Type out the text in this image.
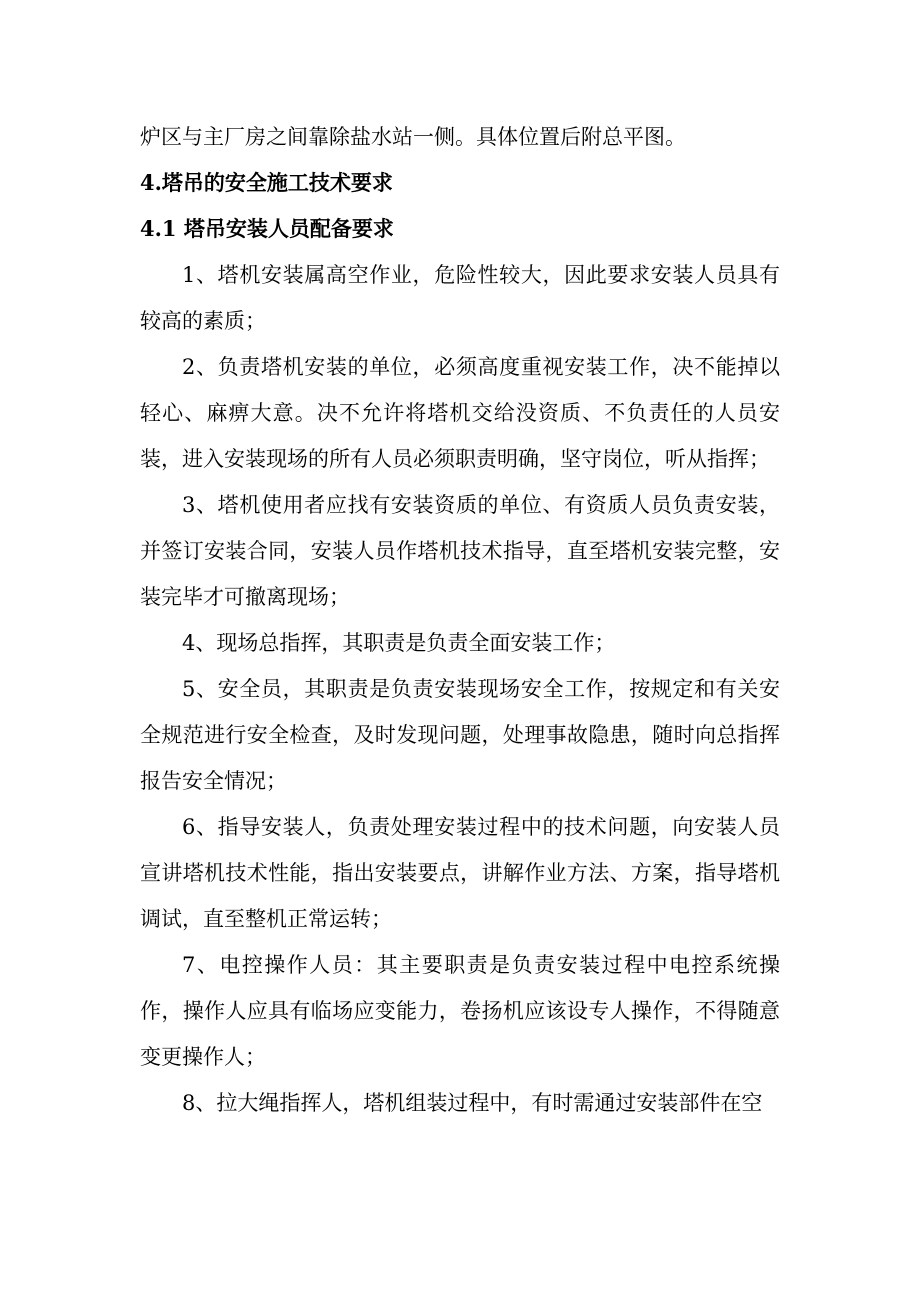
炉区与主厂房之间靠除盐水站一侧。具体位置后附总平图。

4.塔吊的安全施工技术要求

4.1 塔吊安装人员配备要求

1、塔机安装属高空作业，危险性较大，因此要求安装人员具有较高的素质；

2、负责塔机安装的单位，必须高度重视安装工作，决不能掉以轻心、麻痹大意。决不允许将塔机交给没资质、不负责任的人员安装，进入安装现场的所有人员必须职责明确，坚守岗位，听从指挥；

3、塔机使用者应找有安装资质的单位、有资质人员负责安装，并签订安装合同，安装人员作塔机技术指导，直至塔机安装完整，安装完毕才可撤离现场；

4、现场总指挥，其职责是负责全面安装工作；

5、安全员，其职责是负责安装现场安全工作，按规定和有关安全规范进行安全检查，及时发现问题，处理事故隐患，随时向总指挥报告安全情况；

6、指导安装人，负责处理安装过程中的技术问题，向安装人员宣讲塔机技术性能，指出安装要点，讲解作业方法、方案，指导塔机调试，直至整机正常运转；

7、电控操作人员：其主要职责是负责安装过程中电控系统操作，操作人应具有临场应变能力，卷扬机应该设专人操作，不得随意变更操作人；

8、拉大绳指挥人，塔机组装过程中，有时需通过安装部件在空
